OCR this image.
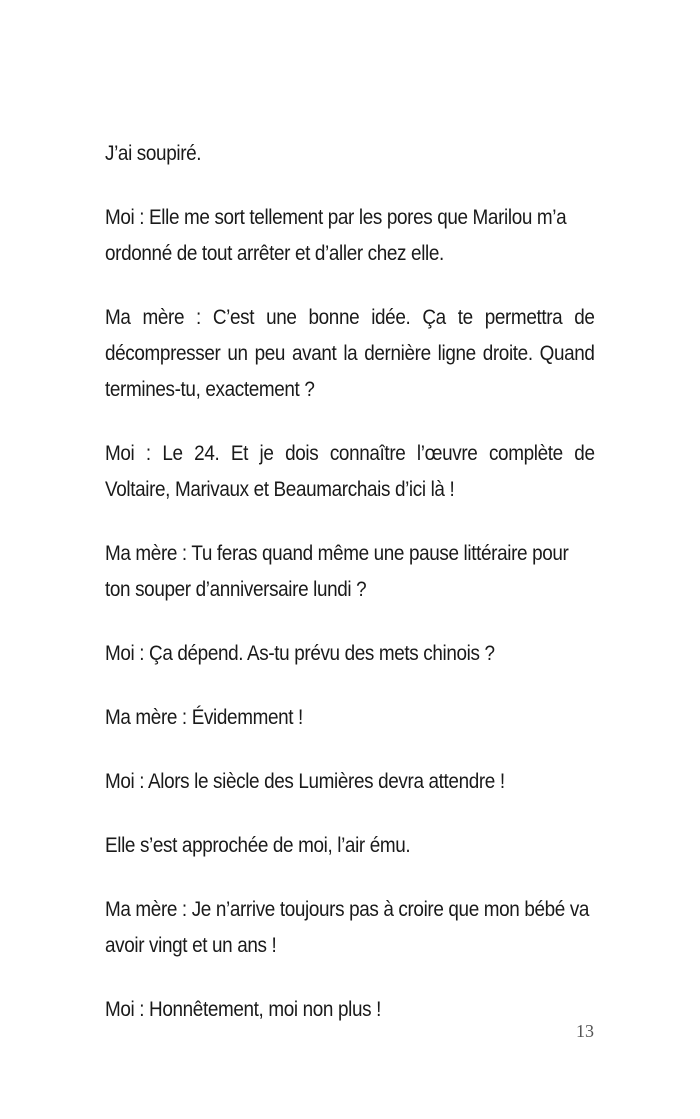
J’ai soupiré.

Moi : Elle me sort tellement par les pores que Marilou m’a ordonné de tout arrêter et d’aller chez elle.

Ma mère : C’est une bonne idée. Ça te permettra de décompresser un peu avant la dernière ligne droite. Quand termines-tu, exactement ?

Moi : Le 24. Et je dois connaître l’œuvre complète de Voltaire, Marivaux et Beaumarchais d’ici là !

Ma mère : Tu feras quand même une pause littéraire pour ton souper d’anniversaire lundi ?

Moi : Ça dépend. As-tu prévu des mets chinois ?

Ma mère : Évidemment !

Moi : Alors le siècle des Lumières devra attendre !

Elle s’est approchée de moi, l’air ému.

Ma mère : Je n’arrive toujours pas à croire que mon bébé va avoir vingt et un ans !

Moi : Honnêtement, moi non plus !

13
